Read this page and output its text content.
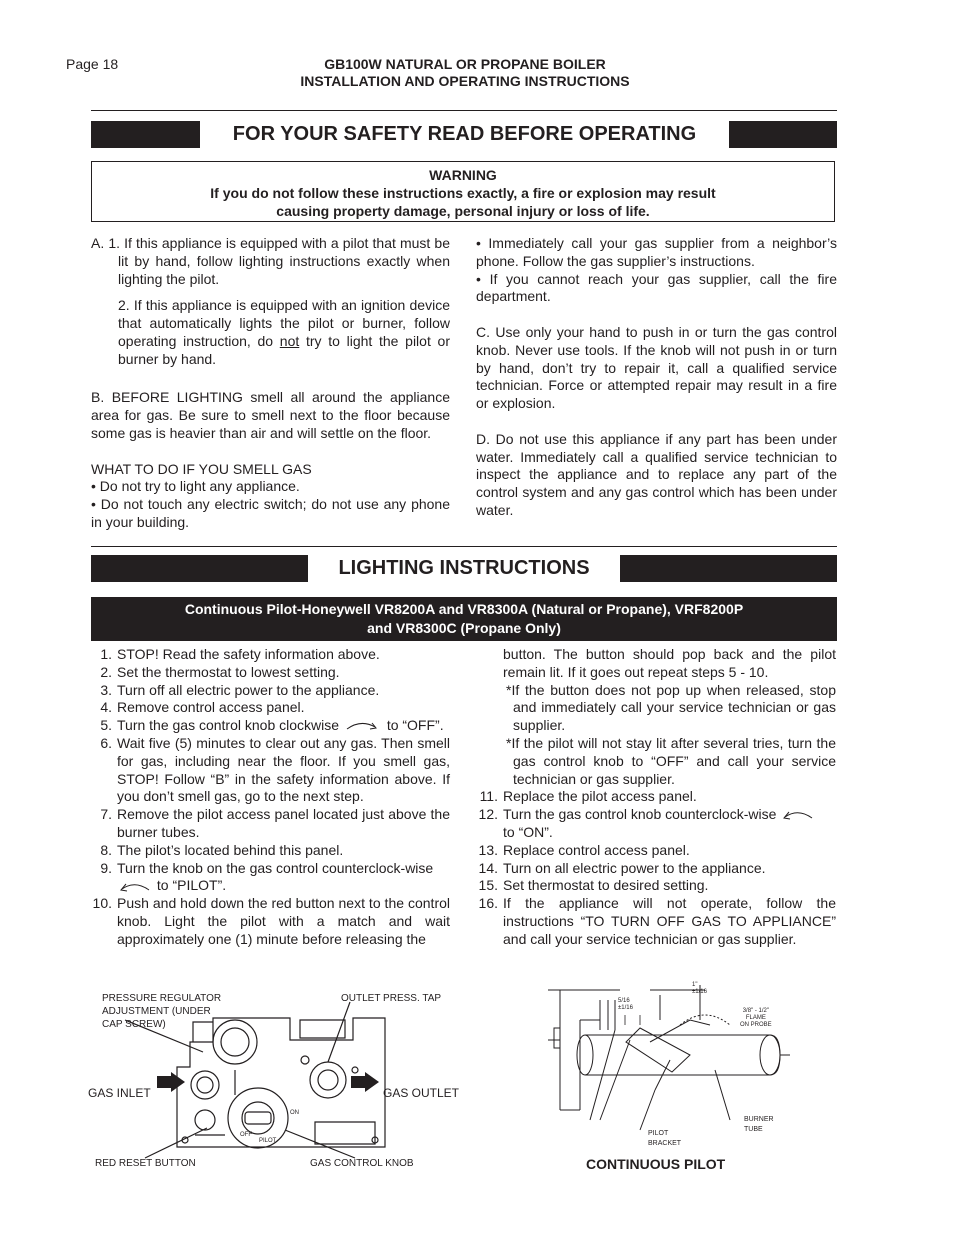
Page 18	GB100W NATURAL OR PROPANE BOILER
INSTALLATION AND OPERATING INSTRUCTIONS
FOR YOUR SAFETY READ BEFORE OPERATING
WARNING
If you do not follow these instructions exactly, a fire or explosion may result
causing property damage, personal injury or loss of life.

A. 1. If this appliance is equipped with a pilot that must be lit by hand, follow lighting instructions exactly when lighting the pilot.

2. If this appliance is equipped with an ignition device that automatically lights the pilot or burner, follow operating instruction, do not try to light the pilot or burner by hand.

B. BEFORE LIGHTING smell all around the appliance area for gas. Be sure to smell next to the floor because some gas is heavier than air and will settle on the floor.

WHAT TO DO IF YOU SMELL GAS

• Do not try to light any appliance.

• Do not touch any electric switch; do not use any phone in your building.

• Immediately call your gas supplier from a neighbor’s phone. Follow the gas supplier’s instructions.

• If you cannot reach your gas supplier, call the fire department.

C. Use only your hand to push in or turn the gas control knob. Never use tools. If the knob will not push in or turn by hand, don’t try to repair it, call a qualified service technician. Force or attempted repair may result in a fire or explosion.

D. Do not use this appliance if any part has been under water. Immediately call a qualified service technician to inspect the appliance and to replace any part of the control system and any gas control which has been under water.

LIGHTING INSTRUCTIONS
Continuous Pilot-Honeywell VR8200A and VR8300A (Natural or Propane), VRF8200P
and VR8300C (Propane Only)
1. STOP! Read the safety information above.
2. Set the thermostat to lowest setting.
3. Turn off all electric power to the appliance.
4. Remove control access panel.
5. Turn the gas control knob clockwise	to “OFF”.
6. Wait five (5) minutes to clear out any gas. Then smell for gas, including near the floor. If you smell gas, STOP! Follow “B” in the safety information above. If you don’t smell gas, go to the next step.
7. Remove the pilot access panel located just above the burner tubes.
8. The pilot’s located behind this panel.
9. Turn the knob on the gas control counterclock-wise
to “PILOT”.
10. Push and hold down the red button next to the control knob. Light the pilot with a match and wait approximately one (1) minute before releasing the
button. The button should pop back and the pilot remain lit. If it goes out repeat steps 5 - 10.
*If the button does not pop up when released, stop and immediately call your service technician or gas supplier.
*If the pilot will not stay lit after several tries, turn the gas control knob to “OFF” and call your service technician or gas supplier.
11. Replace the pilot access panel.
12. Turn the gas control knob counterclock-wise
to “ON”.
13. Replace control access panel.
14. Turn on all electric power to the appliance.
15. Set thermostat to desired setting.
16. If the appliance will not operate, follow the instructions “TO TURN OFF GAS TO APPLIANCE” and call your service technician or gas supplier.
PRESSURE REGULATOR
ADJUSTMENT (UNDER
CAP SCREW)
OUTLET PRESS. TAP
GAS INLET	GAS OUTLET
RED RESET BUTTON	GAS CONTROL KNOB
ON
OFF
PILOT
5/16
±1/16
1"
±1/16
3/8" - 1/2"
FLAME
ON PROBE
PILOT
BRACKET
BURNER
TUBE
CONTINUOUS PILOT
